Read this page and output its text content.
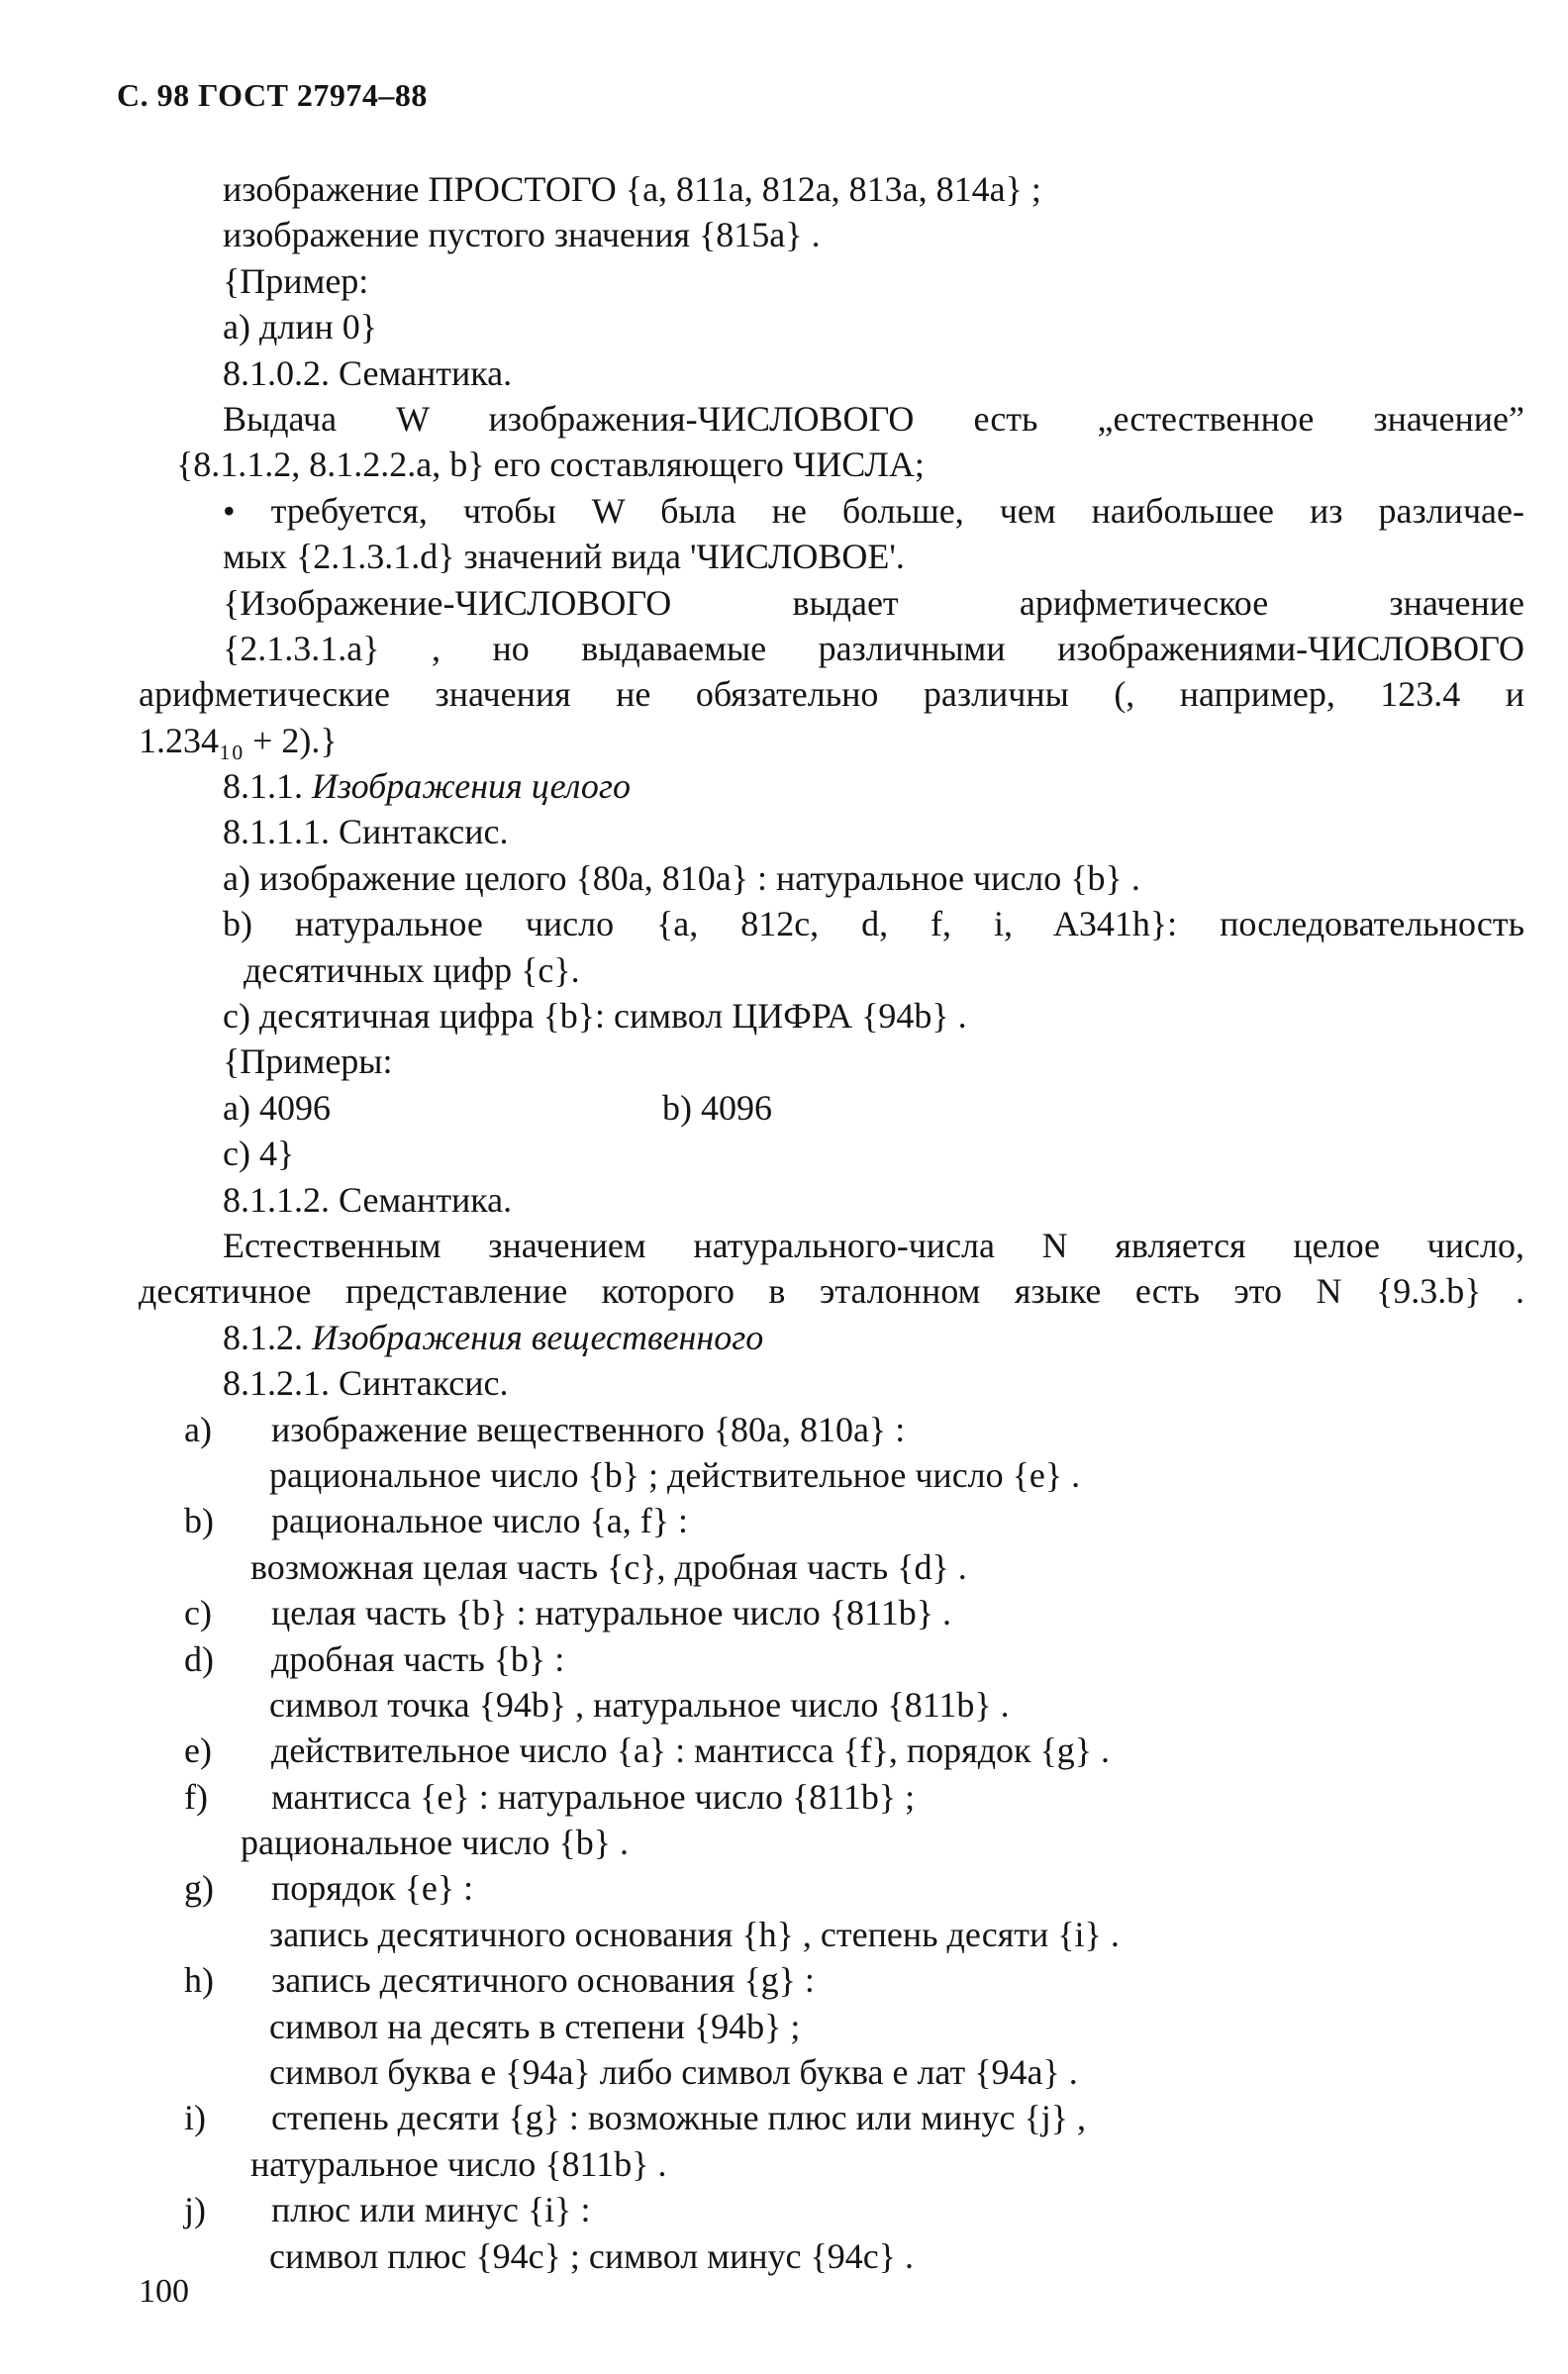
С. 98 ГОСТ 27974–88
изображение ПРОСТОГО {a, 811a, 812a, 813a, 814a} ;
изображение пустого значения {815a} .
{Пример:
а) длин 0}
8.1.0.2. Семантика.
Выдача W изображения-ЧИСЛОВОГО есть „естественное значение”
{8.1.1.2, 8.1.2.2.a, b} его составляющего ЧИСЛА;
• требуется, чтобы W была не больше, чем наибольшее из различае-
мых {2.1.3.1.d} значений вида 'ЧИСЛОВОЕ'.
{Изображение-ЧИСЛОВОГО выдает арифметическое значение
{2.1.3.1.a} , но выдаваемые различными изображениями-ЧИСЛОВОГО
арифметические значения не обязательно различны (, например, 123.4 и
1.234₁₀ + 2).}
8.1.1. Изображения целого
8.1.1.1. Синтаксис.
а) изображение целого {80a, 810a} : натуральное число {b} .
b) натуральное число {a, 812c, d, f, i, A341h}: последовательность
десятичных цифр {c}.
c) десятичная цифра {b}: символ ЦИФРА {94b} .
{Примеры:
а) 4096	b) 4096
c) 4}
8.1.1.2. Семантика.
Естественным значением натурального-числа N является целое число,
десятичное представление которого в эталонном языке есть это N {9.3.b} .
8.1.2. Изображения вещественного
8.1.2.1. Синтаксис.
a) изображение вещественного {80a, 810a} :
рациональное число {b} ; действительное число {e} .
b) рациональное число {a, f} :
возможная целая часть {c}, дробная часть {d} .
c) целая часть {b} : натуральное число {811b} .
d) дробная часть {b} :
символ точка {94b} , натуральное число {811b} .
e) действительное число {a} : мантисса {f}, порядок {g} .
f) мантисса {e} : натуральное число {811b} ;
рациональное число {b} .
g) порядок {e} :
запись десятичного основания {h} , степень десяти {i} .
h) запись десятичного основания {g} :
символ на десять в степени {94b} ;
символ буква е {94a} либо символ буква е лат {94a} .
i) степень десяти {g} : возможные плюс или минус {j} ,
натуральное число {811b} .
j) плюс или минус {i} :
символ плюс {94c} ; символ минус {94c} .
100
